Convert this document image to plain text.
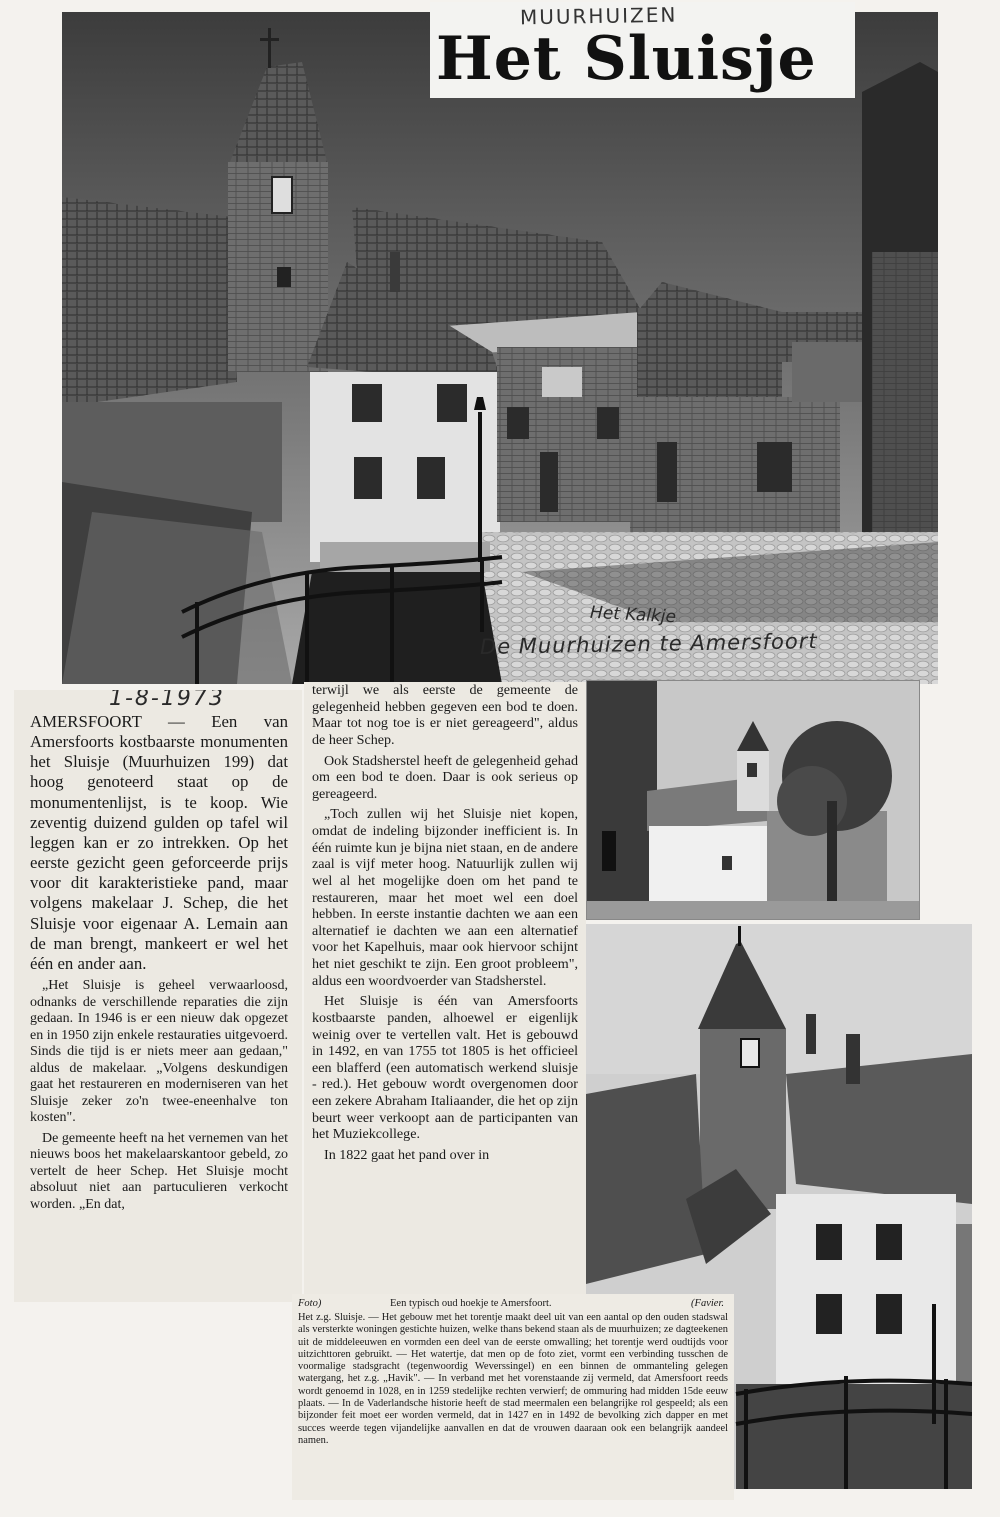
MUURHUIZEN
Het Sluisje
Het Kalkje
De Muurhuizen te Amersfoort
1-8-1973

AMERSFOORT — Een van Amersfoorts kostbaarste monumenten het Sluisje (Muurhuizen 199) dat hoog genoteerd staat op de monumentenlijst, is te koop. Wie zeventig duizend gulden op tafel wil leggen kan er zo intrekken. Op het eerste gezicht geen geforceerde prijs voor dit karakteristieke pand, maar volgens makelaar J. Schep, die het Sluisje voor eigenaar A. Lemain aan de man brengt, mankeert er wel het één en ander aan.

„Het Sluisje is geheel verwaarloosd, odnanks de verschillende reparaties die zijn gedaan. In 1946 is er een nieuw dak opgezet en in 1950 zijn enkele restauraties uitgevoerd. Sinds die tijd is er niets meer aan gedaan," aldus de makelaar. „Volgens deskundigen gaat het restaureren en moderniseren van het Sluisje zeker zo'n twee-eneenhalve ton kosten".

De gemeente heeft na het vernemen van het nieuws boos het makelaarskantoor gebeld, zo vertelt de heer Schep. Het Sluisje mocht absoluut niet aan partuculieren verkocht worden. „En dat,

terwijl we als eerste de gemeente de gelegenheid hebben gegeven een bod te doen. Maar tot nog toe is er niet gereageerd", aldus de heer Schep.

Ook Stadsherstel heeft de gelegenheid gehad om een bod te doen. Daar is ook serieus op gereageerd.

„Toch zullen wij het Sluisje niet kopen, omdat de indeling bijzonder inefficient is. In één ruimte kun je bijna niet staan, en de andere zaal is vijf meter hoog. Natuurlijk zullen wij wel al het mogelijke doen om het pand te restaureren, maar het moet wel een doel hebben. In eerste instantie dachten we aan een alternatief ie dachten we aan een alternatief voor het Kapelhuis, maar ook hiervoor schijnt het niet geschikt te zijn. Een groot probleem", aldus een woordvoerder van Stadsherstel.

Het Sluisje is één van Amersfoorts kostbaarste panden, alhoewel er eigenlijk weinig over te vertellen valt. Het is gebouwd in 1492, en van 1755 tot 1805 is het officieel een blafferd (een automatisch werkend sluisje - red.). Het gebouw wordt overgenomen door een zekere Abraham Italiaander, die het op zijn beurt weer verkoopt aan de participanten van het Muziekcollege.

In 1822 gaat het pand over in

Foto)	Een typisch oud hoekje te Amersfoort.	(Favier.
Het z.g. Sluisje. — Het gebouw met het torentje maakt deel uit van een aantal op den ouden stadswal als versterkte woningen gestichte huizen, welke thans bekend staan als de muurhuizen; ze dagteekenen uit de middeleeuwen en vormden een deel van de eerste omwalling; het torentje werd oudtijds voor uitzichttoren gebruikt. — Het watertje, dat men op de foto ziet, vormt een verbinding tusschen de voormalige stadsgracht (tegenwoordig Weverssingel) en een binnen de ommanteling gelegen watergang, het z.g. „Havik". — In verband met het vorenstaande zij vermeld, dat Amersfoort reeds wordt genoemd in 1028, en in 1259 stedelijke rechten verwierf; de ommuring had midden 15de eeuw plaats. — In de Vaderlandsche historie heeft de stad meermalen een belangrijke rol gespeeld; als een bijzonder feit moet eer worden vermeld, dat in 1427 en in 1492 de bevolking zich dapper en met succes weerde tegen vijandelijke aanvallen en dat de vrouwen daaraan ook een belangrijk aandeel namen.
